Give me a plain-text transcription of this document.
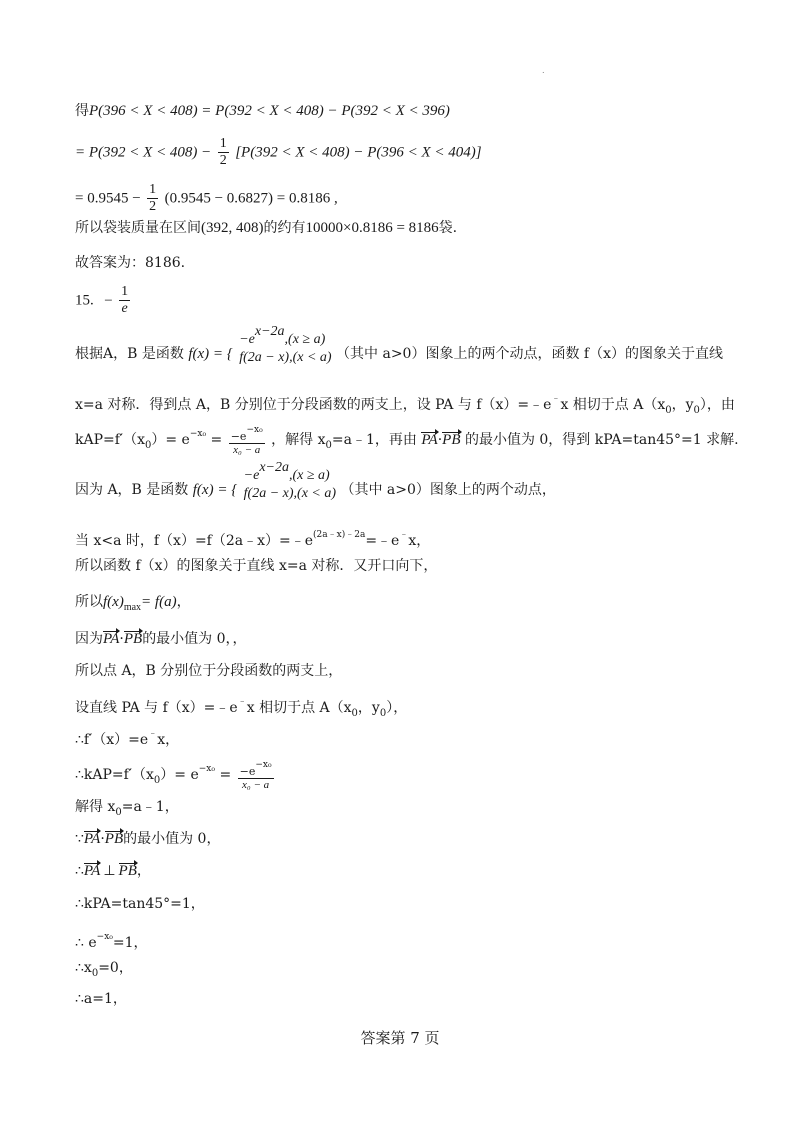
.
得P(396 < X < 408) = P(392 < X < 408) − P(392 < X < 396)
= $P(392 < X < 408) - \frac{1}{2} [P(392 < X < 408) - P(396 < X < 404)]$
= $0.9545 - \frac{1}{2} (0.9545 - 0.6827) = 0.8186$ ,
所以袋装质量在区间(392, 408)的约有10000×0.8186 = 8186袋.
故答案为：8186.
15. − $\frac{1}{e}$
根据A，B 是函数 f(x) = {
−ex−2a,(x ≥ a)
f(2a − x),(x < a) （其中 a>0）图象上的两个动点，函数 f（x）的图象关于直线
x=a 对称．得到点 A，B 分别位于分段函数的两支上，设 PA 与 f（x）=﹣e﹣x 相切于点 $A(x_0$，$y_0$），由
$kAP=f'(x_0)= e^{-x_0} = \frac{-e^{-x_0}}{\text{x₀ − a}}$ ，解得 $x_0=a﹣1$，再由 PA·PB 的最小值为 0，得到 kPA=tan45°=1 求解.
因为 A，B 是函数 f(x) = {
−ex−2a,(x ≥ a)
f(2a − x),(x < a) （其中 a>0）图象上的两个动点，
当 x<a 时，$f(x)=f(2a﹣x)=﹣e^{(2a﹣x)﹣2a}=﹣e^﹣x$，
所以函数 f（x）的图象关于直线 x=a 对称．又开口向下，
所以$f(x)_{max}= f(a)$，
因为PA·PB的最小值为 0，，
所以点 A，B 分别位于分段函数的两支上，
设直线 PA 与 f（x）=﹣e﹣x 相切于点 $A(x_0$，$y_0$），
∴f′（x）=e﹣x，
$\therefore kAP=f'(x_0)= e^{-x_0} = \frac{-e^{-x_0}}{\text{x₀ − a}}$
解得 $x_0=a﹣1$，
∵PA·PB的最小值为 0，
∴PA ⊥ PB，
∴kPA=tan45°=1，
∴ $e^{-x_0}=1$，
$\therefore x_0=0$，
∴a=1，
答案第 7 页
